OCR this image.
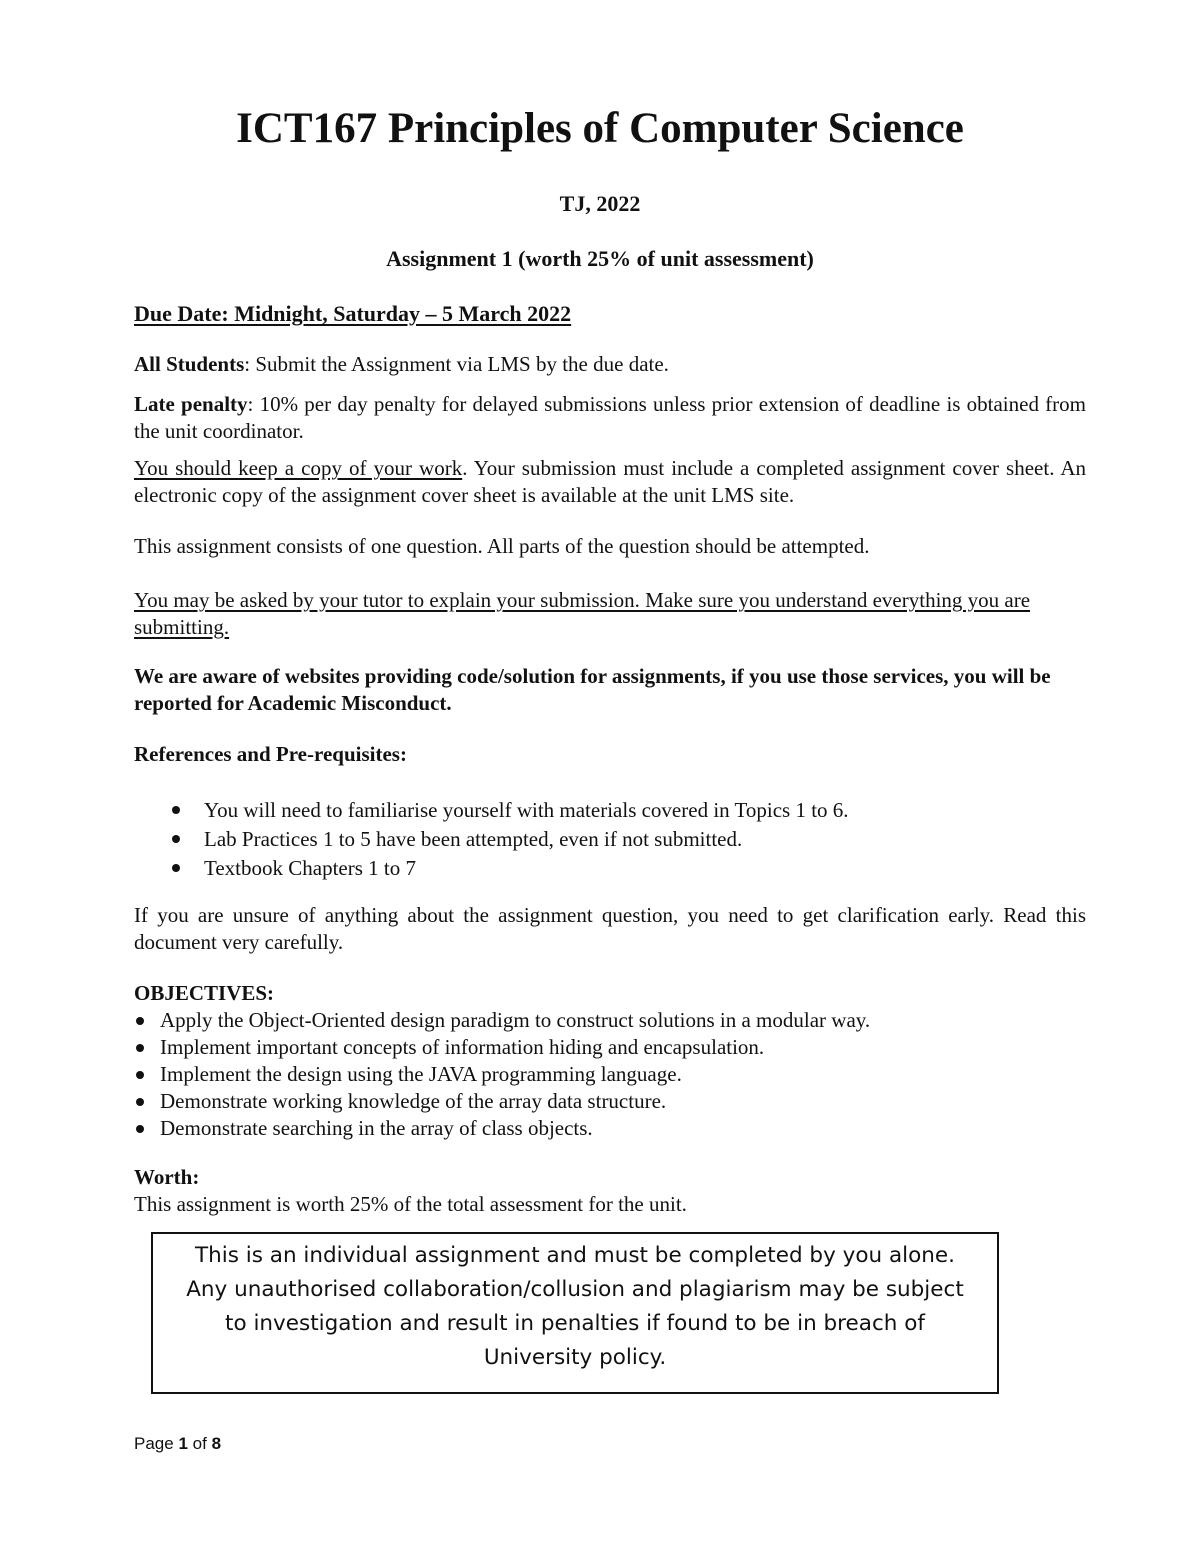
ICT167 Principles of Computer Science
TJ, 2022
Assignment 1 (worth 25% of unit assessment)
Due Date: Midnight, Saturday – 5 March 2022
All Students: Submit the Assignment via LMS by the due date.
Late penalty: 10% per day penalty for delayed submissions unless prior extension of deadline is obtained from the unit coordinator.
You should keep a copy of your work. Your submission must include a completed assignment cover sheet. An electronic copy of the assignment cover sheet is available at the unit LMS site.
This assignment consists of one question. All parts of the question should be attempted.
You may be asked by your tutor to explain your submission. Make sure you understand everything you are submitting.
We are aware of websites providing code/solution for assignments, if you use those services, you will be reported for Academic Misconduct.
References and Pre-requisites:
You will need to familiarise yourself with materials covered in Topics 1 to 6.
Lab Practices 1 to 5 have been attempted, even if not submitted.
Textbook Chapters 1 to 7
If you are unsure of anything about the assignment question, you need to get clarification early. Read this document very carefully.
OBJECTIVES:
Apply the Object-Oriented design paradigm to construct solutions in a modular way.
Implement important concepts of information hiding and encapsulation.
Implement the design using the JAVA programming language.
Demonstrate working knowledge of the array data structure.
Demonstrate searching in the array of class objects.
Worth:
This assignment is worth 25% of the total assessment for the unit.
This is an individual assignment and must be completed by you alone.
Any unauthorised collaboration/collusion and plagiarism may be subject
to investigation and result in penalties if found to be in breach of
University policy.
Page 1 of 8
